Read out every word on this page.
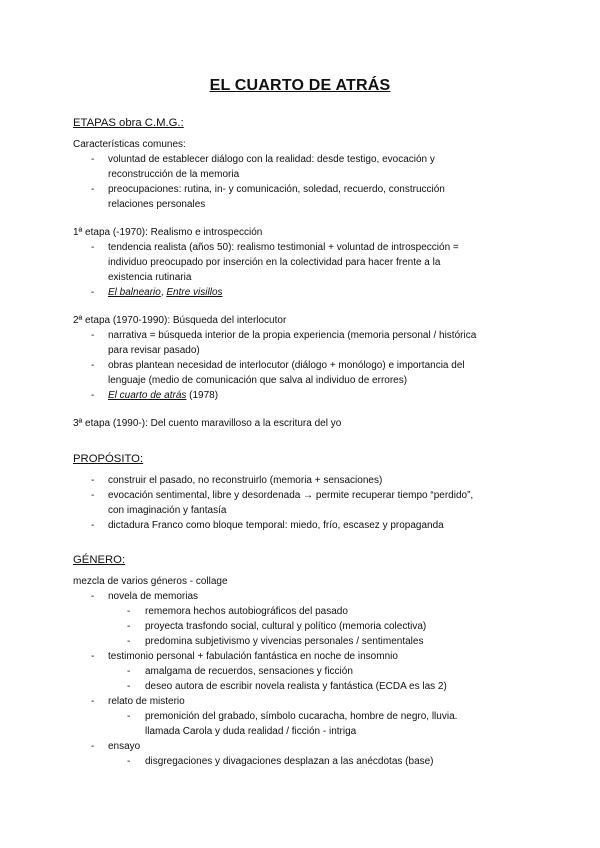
EL CUARTO DE ATRÁS
ETAPAS obra C.M.G.:
Características comunes:
- voluntad de establecer diálogo con la realidad: desde testigo, evocación y
reconstrucción de la memoria
- preocupaciones: rutina, in- y comunicación, soledad, recuerdo, construcción
relaciones personales
1ª etapa (-1970): Realismo e introspección
- tendencia realista (años 50): realismo testimonial + voluntad de introspección =
individuo preocupado por inserción en la colectividad para hacer frente a la
existencia rutinaria
- El balneario, Entre visillos
2ª etapa (1970-1990): Búsqueda del interlocutor
- narrativa = búsqueda interior de la propia experiencia (memoria personal / histórica
para revisar pasado)
- obras plantean necesidad de interlocutor (diálogo + monólogo) e importancia del
lenguaje (medio de comunicación que salva al individuo de errores)
- El cuarto de atrás (1978)
3ª etapa (1990-): Del cuento maravilloso a la escritura del yo
PROPÓSITO:
- construir el pasado, no reconstruirlo (memoria + sensaciones)
- evocación sentimental, libre y desordenada → permite recuperar tiempo “perdido”,
con imaginación y fantasía
- dictadura Franco como bloque temporal: miedo, frío, escasez y propaganda
GÉNERO:
mezcla de varios géneros - collage
- novela de memorias
- rememora hechos autobiográficos del pasado
- proyecta trasfondo social, cultural y político (memoria colectiva)
- predomina subjetivismo y vivencias personales / sentimentales
- testimonio personal + fabulación fantástica en noche de insomnio
- amalgama de recuerdos, sensaciones y ficción
- deseo autora de escribir novela realista y fantástica (ECDA es las 2)
- relato de misterio
- premonición del grabado, símbolo cucaracha, hombre de negro, lluvia.
llamada Carola y duda realidad / ficción - intriga
- ensayo
- disgregaciones y divagaciones desplazan a las anécdotas (base)
